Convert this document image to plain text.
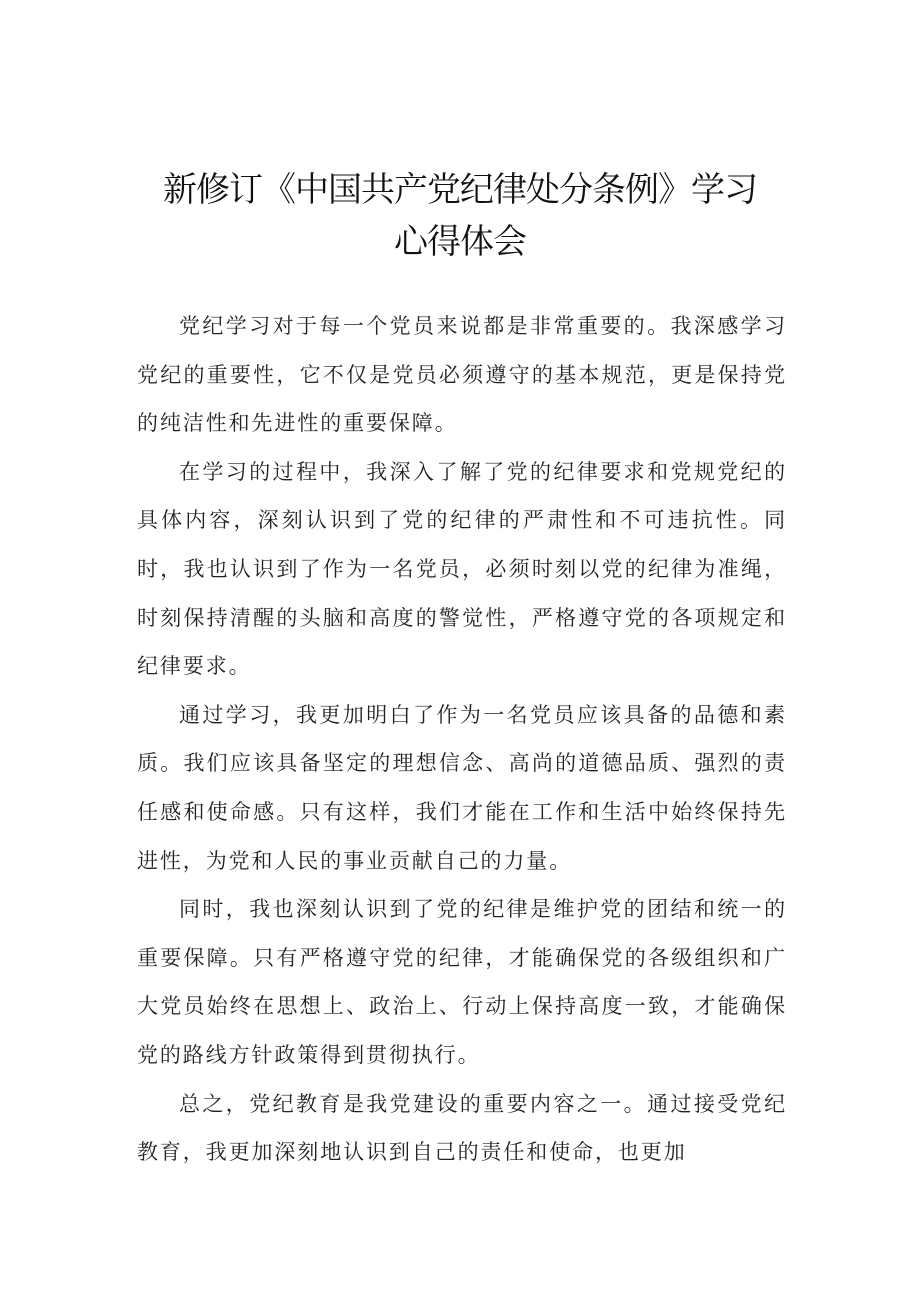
新修订《中国共产党纪律处分条例》学习
心得体会

党纪学习对于每一个党员来说都是非常重要的。我深感学习党纪的重要性，它不仅是党员必须遵守的基本规范，更是保持党的纯洁性和先进性的重要保障。

在学习的过程中，我深入了解了党的纪律要求和党规党纪的具体内容，深刻认识到了党的纪律的严肃性和不可违抗性。同时，我也认识到了作为一名党员，必须时刻以党的纪律为准绳，时刻保持清醒的头脑和高度的警觉性，严格遵守党的各项规定和纪律要求。

通过学习，我更加明白了作为一名党员应该具备的品德和素质。我们应该具备坚定的理想信念、高尚的道德品质、强烈的责任感和使命感。只有这样，我们才能在工作和生活中始终保持先进性，为党和人民的事业贡献自己的力量。

同时，我也深刻认识到了党的纪律是维护党的团结和统一的重要保障。只有严格遵守党的纪律，才能确保党的各级组织和广大党员始终在思想上、政治上、行动上保持高度一致，才能确保党的路线方针政策得到贯彻执行。

总之，党纪教育是我党建设的重要内容之一。通过接受党纪教育，我更加深刻地认识到自己的责任和使命，也更加
